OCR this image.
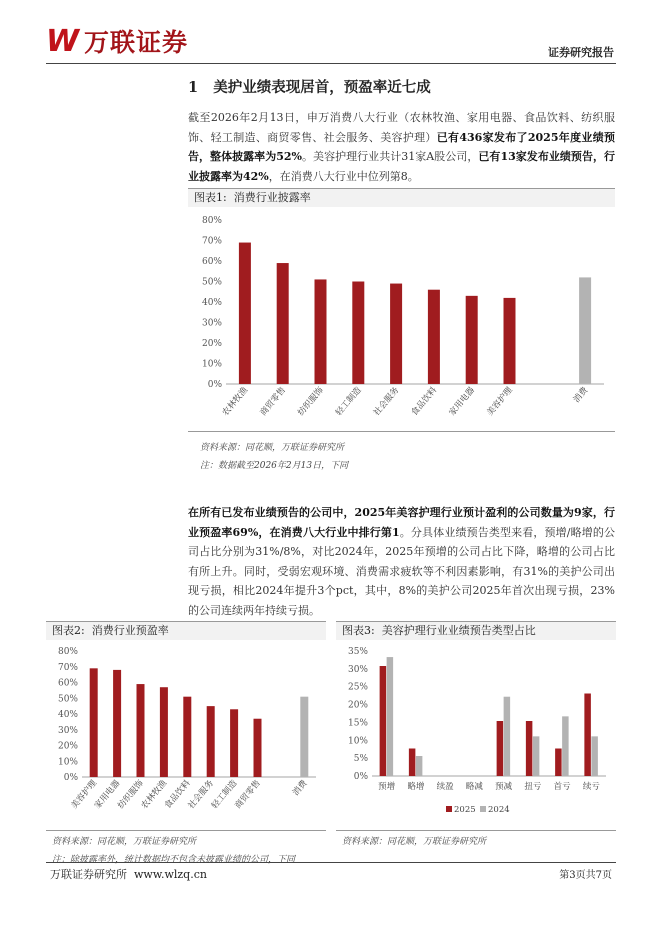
W 万联证券	证券研究报告
1 美护业绩表现居首，预盈率近七成
截至2026年2月13日，申万消费八大行业（农林牧渔、家用电器、食品饮料、纺织服饰、轻工制造、商贸零售、社会服务、美容护理）已有436家发布了2025年度业绩预告，整体披露率为52%。美容护理行业共计31家A股公司，已有13家发布业绩预告，行业披露率为42%，在消费八大行业中位列第8。
图表1: 消费行业披露率
0%
10%
20%
30%
40%
50%
60%
70%
80%
农林牧渔 商贸零售 纺织服饰 轻工制造 社会服务 食品饮料 家用电器 美容护理	消费
资料来源：同花顺，万联证券研究所
注：数据截至2026年2月13日，下同
在所有已发布业绩预告的公司中，2025年美容护理行业预计盈利的公司数量为9家，行业预盈率69%，在消费八大行业中排行第1。分具体业绩预告类型来看，预增/略增的公司占比分别为31%/8%，对比2024年，2025年预增的公司占比下降，略增的公司占比有所上升。同时，受弱宏观环境、消费需求疲软等不利因素影响，有31%的美护公司出现亏损，相比2024年提升3个pct，其中，8%的美护公司2025年首次出现亏损，23%的公司连续两年持续亏损。
图表2: 消费行业预盈率
0%
10%
20%
30%
40%
50%
60%
70%
80%
美容护理
家用电器
纺织服饰
农林牧渔
食品饮料
社会服务
轻工制造
商贸零售	消费
图表3: 美容护理行业业绩预告类型占比
0%
5%
10%
15%
20%
25%
30%
35%
预增 略增 续盈 略减 预减 扭亏 首亏 续亏
2025 2024
资料来源：同花顺，万联证券研究所	资料来源：同花顺，万联证券研究所
注：除披露率外，统计数据均不包含未披露业绩的公司，下同
万联证券研究所 www.wlzq.cn	第3页共7页
